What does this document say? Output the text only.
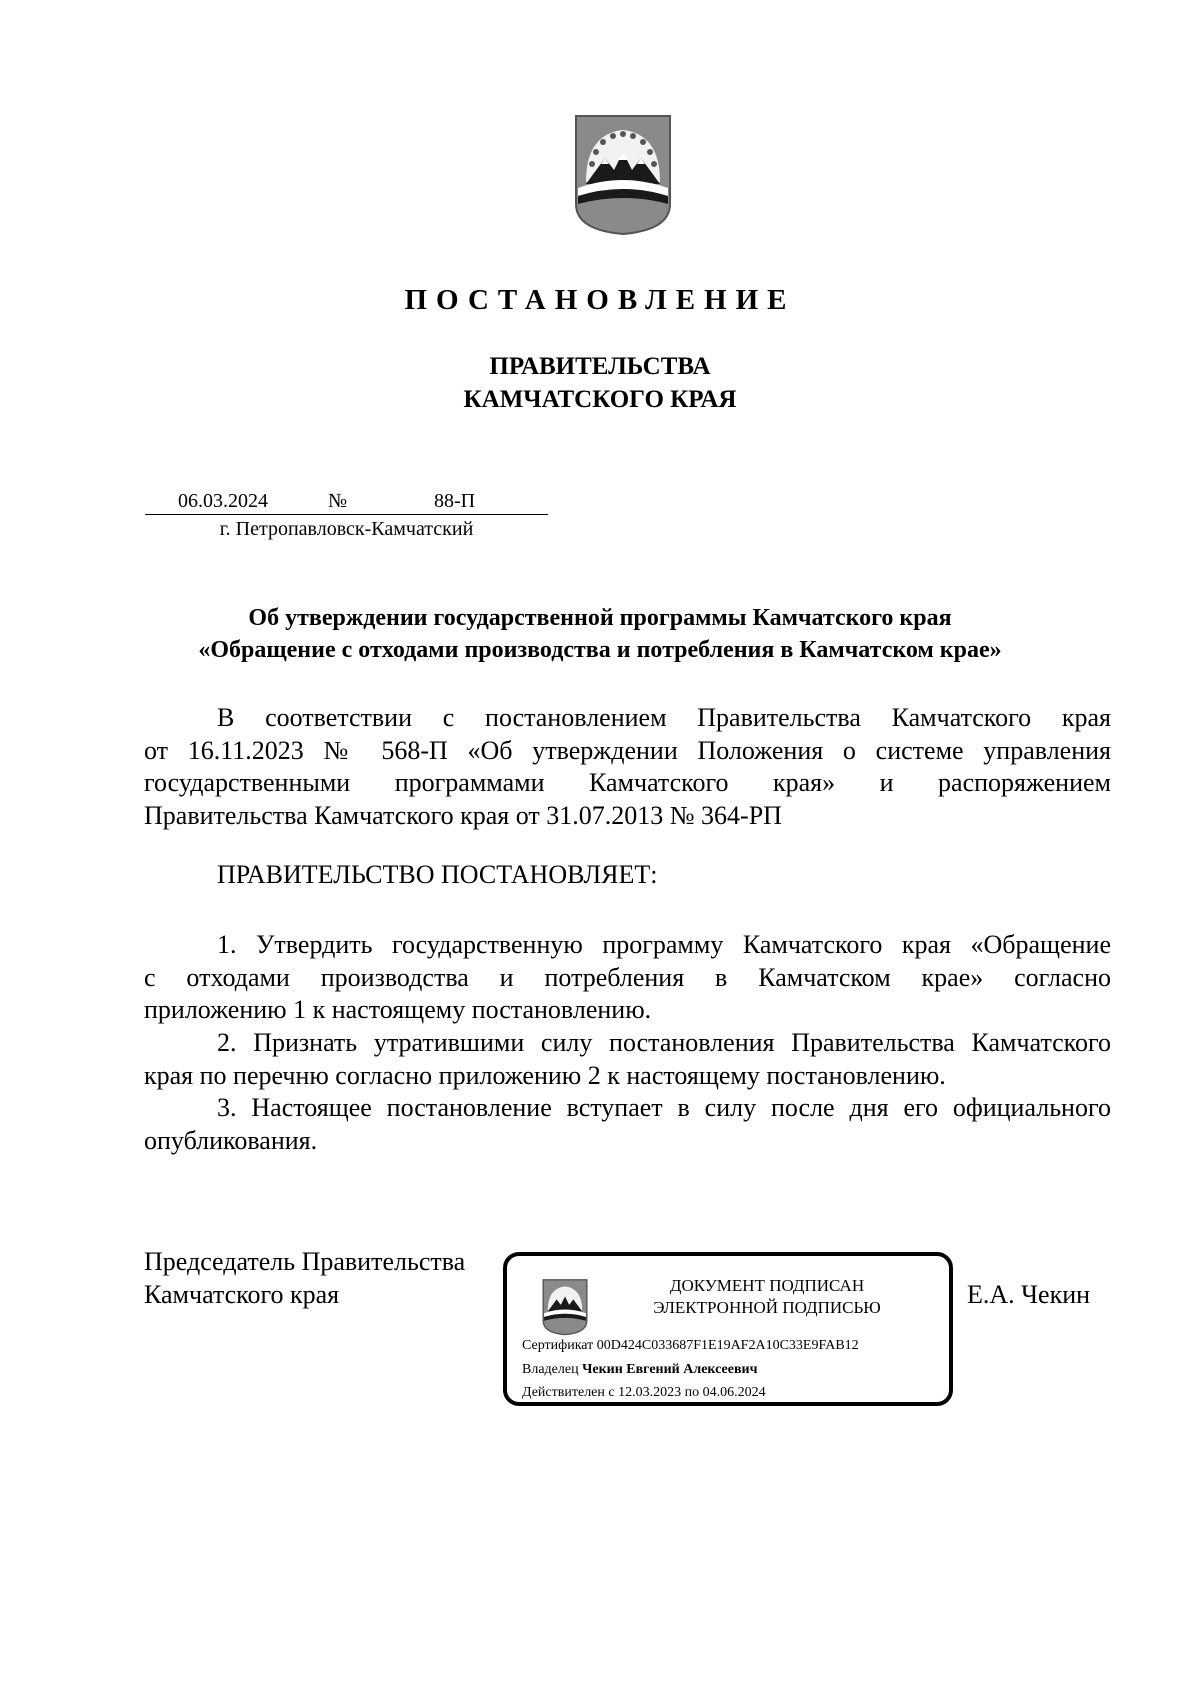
ПОСТАНОВЛЕНИЕ
ПРАВИТЕЛЬСТВА
КАМЧАТСКОГО КРАЯ
06.03.2024	№	88-П
г. Петропавловск-Камчатский
Об утверждении государственной программы Камчатского края
«Обращение с отходами производства и потребления в Камчатском крае»
В соответствии с постановлением Правительства Камчатского края
от 16.11.2023 № 568-П «Об утверждении Положения о системе управления
государственными программами Камчатского края» и распоряжением
Правительства Камчатского края от 31.07.2013 № 364-РП
ПРАВИТЕЛЬСТВО ПОСТАНОВЛЯЕТ:
1. Утвердить государственную программу Камчатского края «Обращение
с отходами производства и потребления в Камчатском крае» согласно
приложению 1 к настоящему постановлению.
2. Признать утратившими силу постановления Правительства Камчатского
края по перечню согласно приложению 2 к настоящему постановлению.
3. Настоящее постановление вступает в силу после дня его официального
опубликования.
Председатель Правительства
Камчатского края	Е.А. Чекин
ДОКУМЕНТ ПОДПИСАН
ЭЛЕКТРОННОЙ ПОДПИСЬЮ
Сертификат 00D424C033687F1E19AF2A10C33E9FAB12
Владелец Чекин Евгений Алексеевич
Действителен с 12.03.2023 по 04.06.2024
